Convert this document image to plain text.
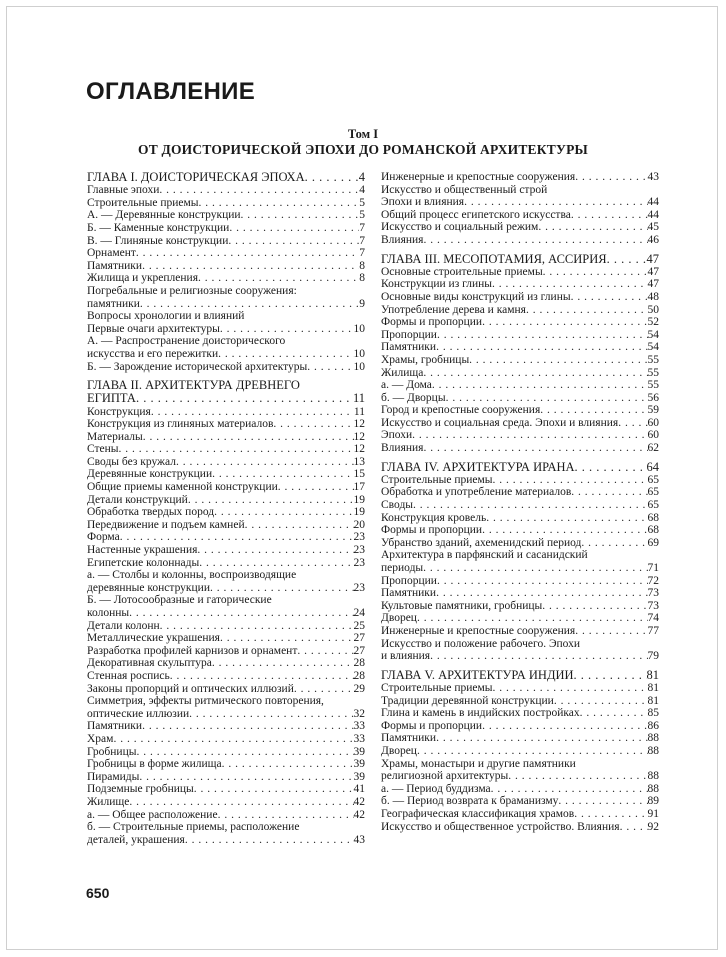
ОГЛАВЛЕНИЕ
Том I
ОТ ДОИСТОРИЧЕСКОЙ ЭПОХИ ДО РОМАНСКОЙ АРХИТЕКТУРЫ
ГЛАВА I. ДОИСТОРИЧЕСКАЯ ЭПОХА . . .	4
Главные эпохи . . .	4
Строительные приемы . . .	5
А. — Деревянные конструкции . . .	5
Б. — Каменные конструкции . . .	7
В. — Глиняные конструкции . . .	7
Орнамент . . .	7
Памятники . . .	8
Жилища и укрепления . . .	8
Погребальные и религиозные сооружения:
памятники . . .	9
Вопросы хронологии и влияний
Первые очаги архитектуры . . .	10
А. — Распространение доисторического
искусства и его пережитки . . .	10
Б. — Зарождение исторической архитектуры . . .	10
ГЛАВА II. АРХИТЕКТУРА ДРЕВНЕГО
ЕГИПТА . . .	11
Конструкция . . .	11
Конструкция из глиняных материалов . . .	12
Материалы . . .	12
Стены . . .	12
Своды без кружал . . .	13
Деревянные конструкции . . .	15
Общие приемы каменной конструкции . . .	17
Детали конструкций . . .	19
Обработка твердых пород . . .	19
Передвижение и подъем камней . . .	20
Форма . . .	23
Настенные украшения . . .	23
Египетские колоннады . . .	23
а. — Столбы и колонны, воспроизводящие
деревянные конструкции . . .	23
Б. — Лотосообразные и гаторические
колонны . . .	24
Детали колонн . . .	25
Металлические украшения . . .	27
Разработка профилей карнизов и орнамент . . .	27
Декоративная скульптура . . .	28
Стенная роспись . . .	28
Законы пропорций и оптических иллюзий . . .	29
Симметрия, эффекты ритмического повторения,
оптические иллюзии . . .	32
Памятники . . .	33
Храм . . .	33
Гробницы . . .	39
Гробницы в форме жилища . . .	39
Пирамиды . . .	39
Подземные гробницы . . .	41
Жилище . . .	42
а. — Общее расположение . . .	42
б. — Строительные приемы, расположение
деталей, украшения . . .	43
Инженерные и крепостные сооружения . . .	43
Искусство и общественный строй
Эпохи и влияния . . .	44
Общий процесс египетского искусства . . .	44
Искусство и социальный режим . . .	45
Влияния . . .	46
ГЛАВА III. МЕСОПОТАМИЯ, АССИРИЯ . . .	47
Основные строительные приемы . . .	47
Конструкции из глины . . .	47
Основные виды конструкций из глины . . .	48
Употребление дерева и камня . . .	50
Формы и пропорции . . .	52
Пропорции . . .	54
Памятники . . .	54
Храмы, гробницы . . .	55
Жилища . . .	55
а. — Дома . . .	55
б. — Дворцы . . .	56
Город и крепостные сооружения . . .	59
Искусство и социальная среда. Эпохи и влияния . . .	60
Эпохи . . .	60
Влияния . . .	62
ГЛАВА IV. АРХИТЕКТУРА ИРАНА . . .	64
Строительные приемы . . .	65
Обработка и употребление материалов . . .	65
Своды . . .	65
Конструкция кровель . . .	68
Формы и пропорции . . .	68
Убранство зданий, ахеменидский период . . .	69
Архитектура в парфянский и сасанидский
периоды . . .	71
Пропорции . . .	72
Памятники . . .	73
Культовые памятники, гробницы . . .	73
Дворец . . .	74
Инженерные и крепостные сооружения . . .	77
Искусство и положение рабочего. Эпохи
и влияния . . .	79
ГЛАВА V. АРХИТЕКТУРА ИНДИИ . . .	81
Строительные приемы . . .	81
Традиции деревянной конструкции . . .	81
Глина и камень в индийских постройках . . .	85
Формы и пропорции . . .	86
Памятники . . .	88
Дворец . . .	88
Храмы, монастыри и другие памятники
религиозной архитектуры . . .	88
а. — Период буддизма . . .	88
б. — Период возврата к браманизму . . .	89
Географическая классификация храмов . . .	91
Искусство и общественное устройство. Влияния . . . 92
650
